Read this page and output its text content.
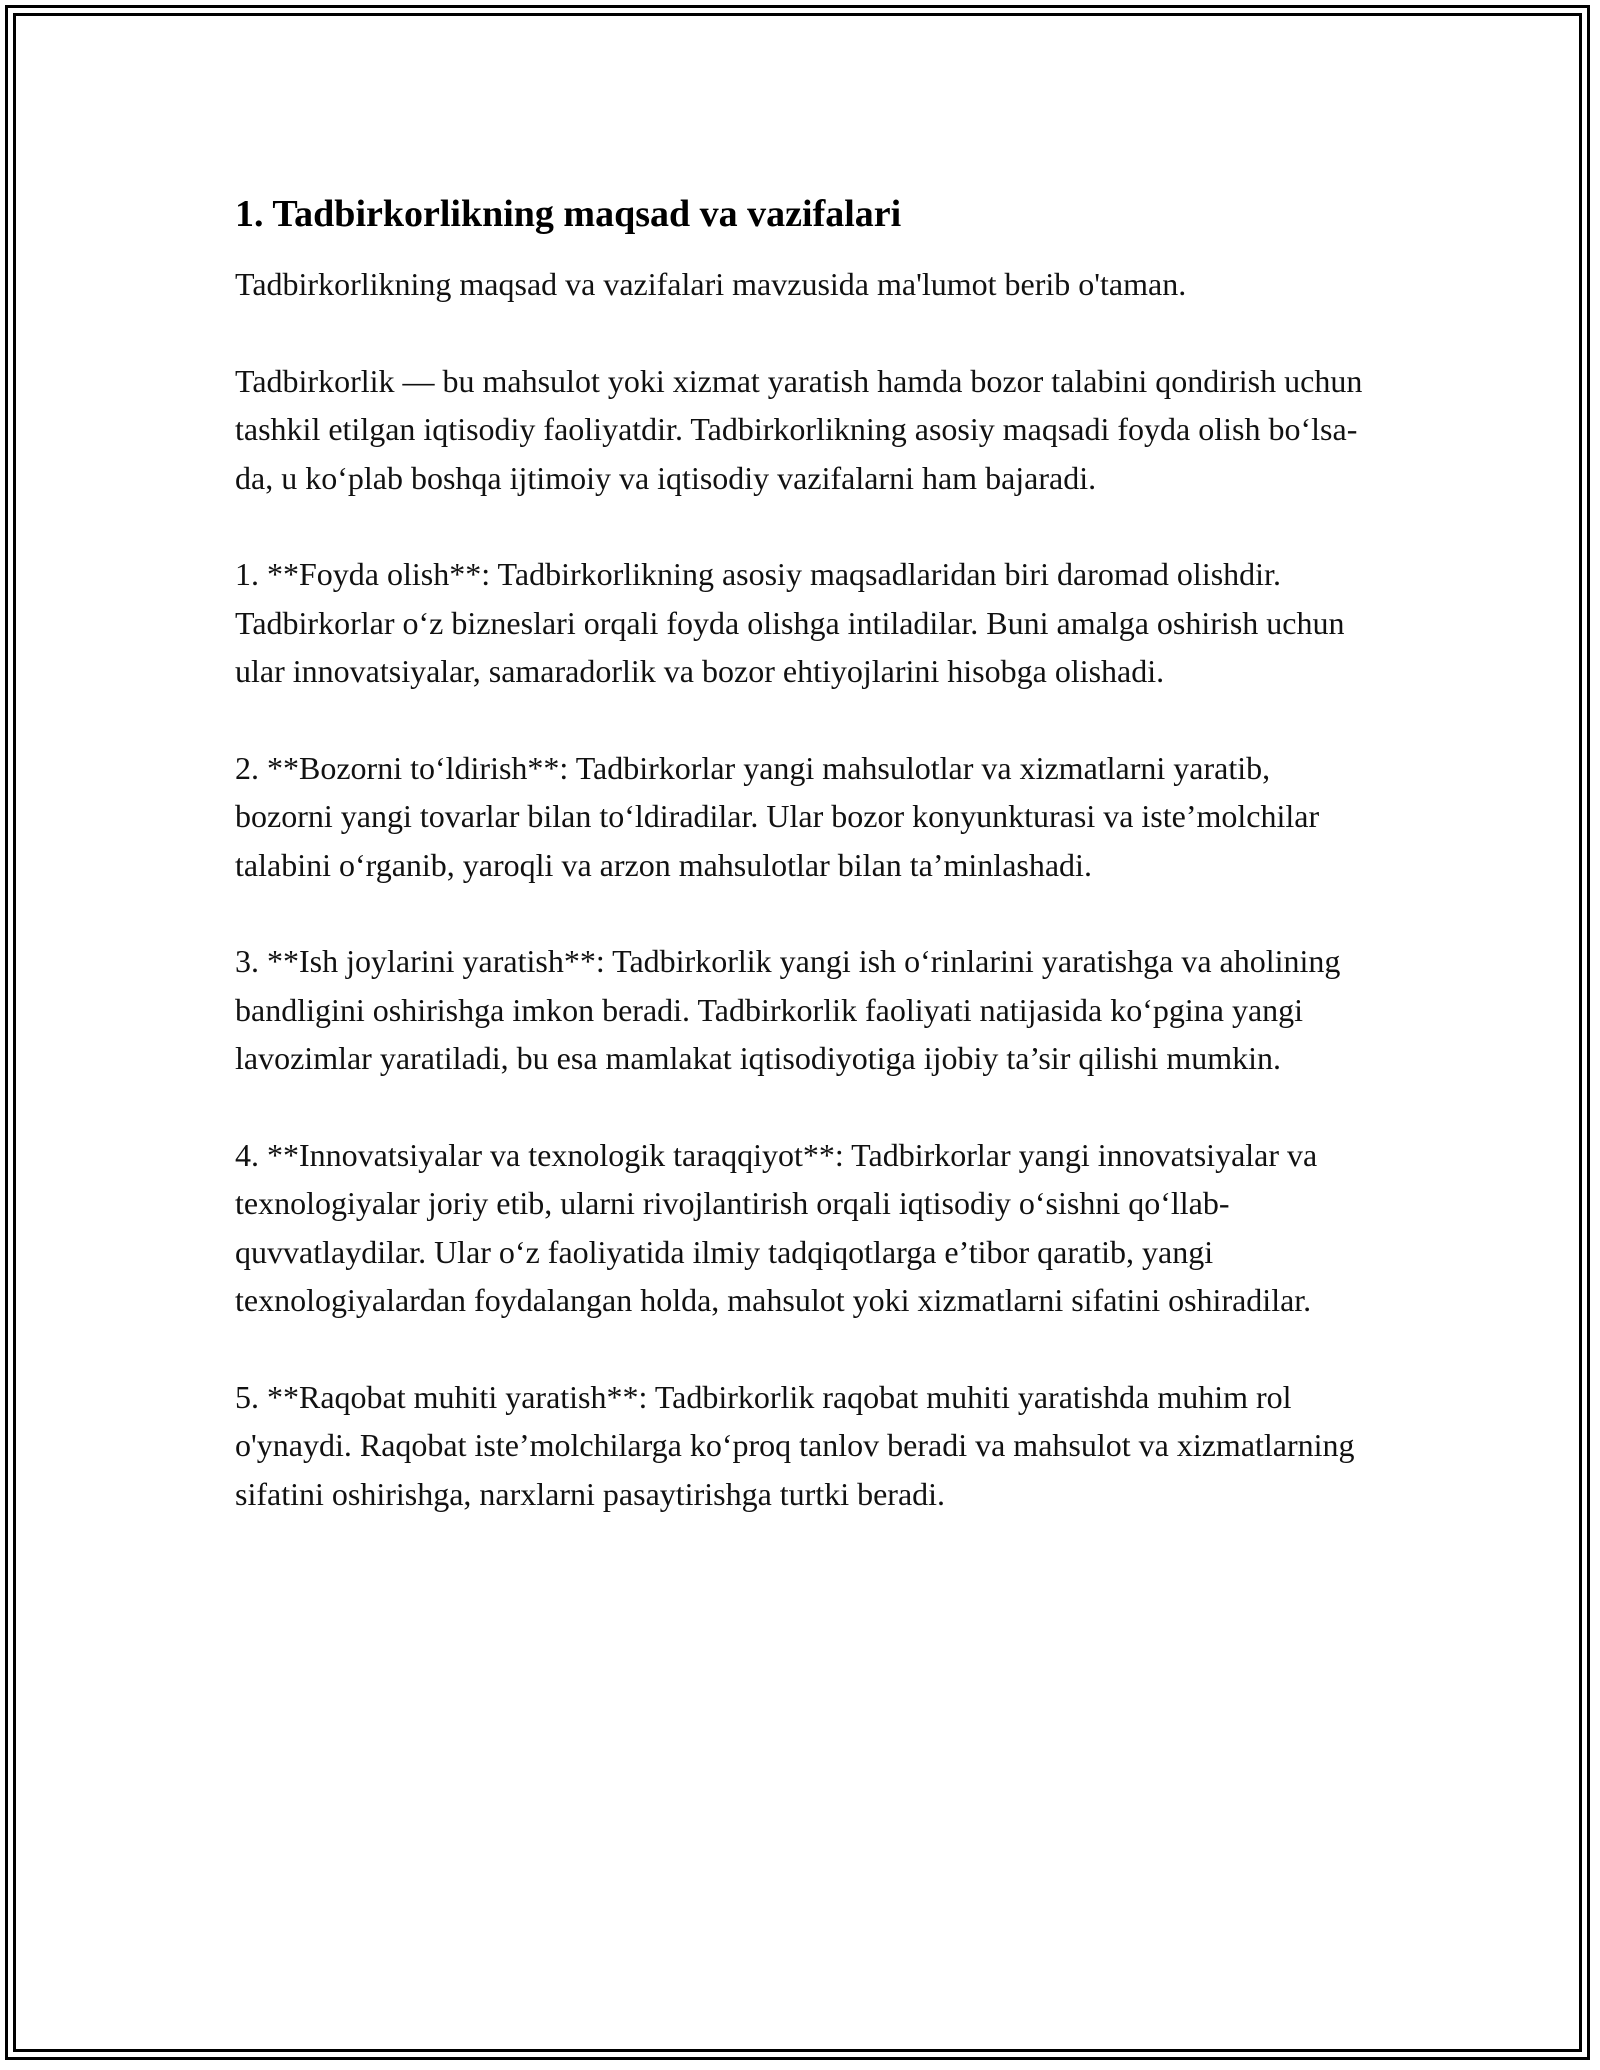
1. Tadbirkorlikning maqsad va vazifalari

Tadbirkorlikning maqsad va vazifalari mavzusida ma'lumot berib o'taman.

Tadbirkorlik — bu mahsulot yoki xizmat yaratish hamda bozor talabini qondirish uchun tashkil etilgan iqtisodiy faoliyatdir. Tadbirkorlikning asosiy maqsadi foyda olish bo‘lsa-da, u ko‘plab boshqa ijtimoiy va iqtisodiy vazifalarni ham bajaradi.

1. **Foyda olish**: Tadbirkorlikning asosiy maqsadlaridan biri daromad olishdir. Tadbirkorlar o‘z bizneslari orqali foyda olishga intiladilar. Buni amalga oshirish uchun ular innovatsiyalar, samaradorlik va bozor ehtiyojlarini hisobga olishadi.

2. **Bozorni to‘ldirish**: Tadbirkorlar yangi mahsulotlar va xizmatlarni yaratib, bozorni yangi tovarlar bilan to‘ldiradilar. Ular bozor konyunkturasi va iste’molchilar talabini o‘rganib, yaroqli va arzon mahsulotlar bilan ta’minlashadi.

3. **Ish joylarini yaratish**: Tadbirkorlik yangi ish o‘rinlarini yaratishga va aholining bandligini oshirishga imkon beradi. Tadbirkorlik faoliyati natijasida ko‘pgina yangi lavozimlar yaratiladi, bu esa mamlakat iqtisodiyotiga ijobiy ta’sir qilishi mumkin.

4. **Innovatsiyalar va texnologik taraqqiyot**: Tadbirkorlar yangi innovatsiyalar va texnologiyalar joriy etib, ularni rivojlantirish orqali iqtisodiy o‘sishni qo‘llab-quvvatlaydilar. Ular o‘z faoliyatida ilmiy tadqiqotlarga e’tibor qaratib, yangi texnologiyalardan foydalangan holda, mahsulot yoki xizmatlarni sifatini oshiradilar.

5. **Raqobat muhiti yaratish**: Tadbirkorlik raqobat muhiti yaratishda muhim rol o'ynaydi. Raqobat iste’molchilarga ko‘proq tanlov beradi va mahsulot va xizmatlarning sifatini oshirishga, narxlarni pasaytirishga turtki beradi.
